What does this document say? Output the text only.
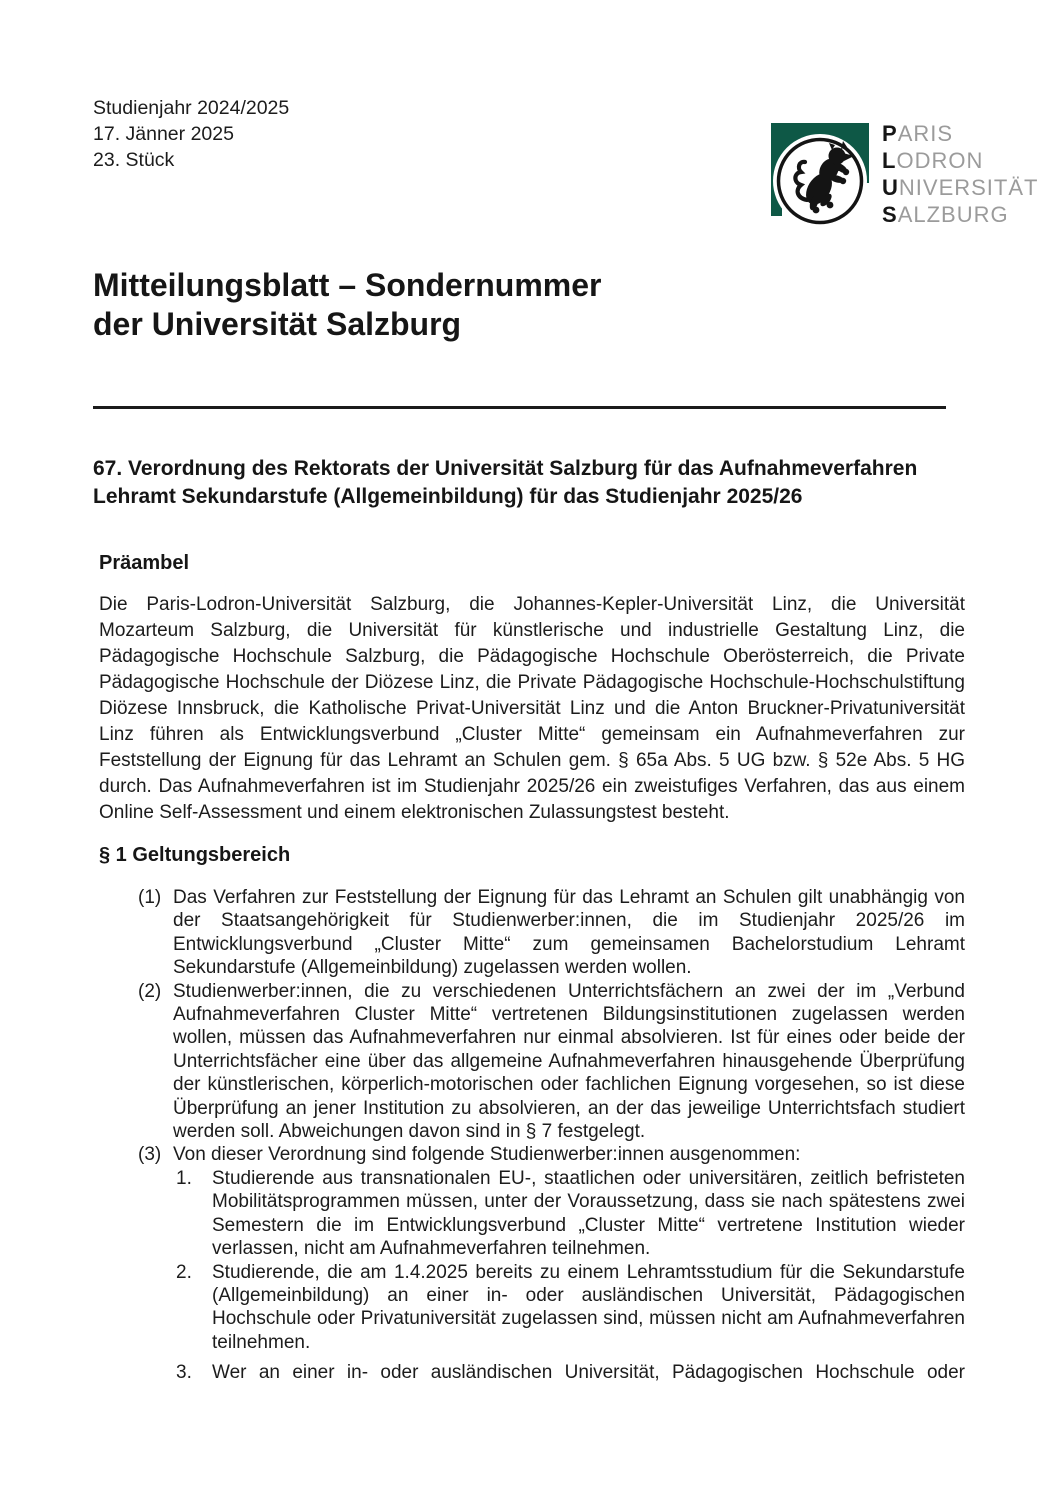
Studienjahr 2024/2025
17. Jänner 2025
23. Stück
PARIS
LODRON
UNIVERSITÄT
SALZBURG
Mitteilungsblatt – Sondernummer
der Universität Salzburg
67. Verordnung des Rektorats der Universität Salzburg für das Aufnahmeverfahren
Lehramt Sekundarstufe (Allgemeinbildung) für das Studienjahr 2025/26
Präambel
Die Paris-Lodron-Universität Salzburg, die Johannes-Kepler-Universität Linz, die Universität Mozarteum Salzburg, die Universität für künstlerische und industrielle Gestaltung Linz, die Pädagogische Hochschule Salzburg, die Pädagogische Hochschule Oberösterreich, die Private Pädagogische Hochschule der Diözese Linz, die Private Pädagogische Hochschule-Hochschulstiftung Diözese Innsbruck, die Katholische Privat-Universität Linz und die Anton Bruckner-Privatuniversität Linz führen als Entwicklungsverbund „Cluster Mitte“ gemeinsam ein Aufnahmeverfahren zur Feststellung der Eignung für das Lehramt an Schulen gem. § 65a Abs. 5 UG bzw. § 52e Abs. 5 HG durch. Das Aufnahmeverfahren ist im Studienjahr 2025/26 ein zweistufiges Verfahren, das aus einem Online Self-Assessment und einem elektronischen Zulassungstest besteht.
§ 1 Geltungsbereich
(1) Das Verfahren zur Feststellung der Eignung für das Lehramt an Schulen gilt unabhängig von der Staatsangehörigkeit für Studienwerber:innen, die im Studienjahr 2025/26 im Entwicklungsverbund „Cluster Mitte“ zum gemeinsamen Bachelorstudium Lehramt Sekundarstufe (Allgemeinbildung) zugelassen werden wollen.
(2) Studienwerber:innen, die zu verschiedenen Unterrichtsfächern an zwei der im „Verbund Aufnahmeverfahren Cluster Mitte“ vertretenen Bildungsinstitutionen zugelassen werden wollen, müssen das Aufnahmeverfahren nur einmal absolvieren. Ist für eines oder beide der Unterrichtsfächer eine über das allgemeine Aufnahmeverfahren hinausgehende Überprüfung der künstlerischen, körperlich-motorischen oder fachlichen Eignung vorgesehen, so ist diese Überprüfung an jener Institution zu absolvieren, an der das jeweilige Unterrichtsfach studiert werden soll. Abweichungen davon sind in § 7 festgelegt.
(3) Von dieser Verordnung sind folgende Studienwerber:innen ausgenommen:
1.	Studierende aus transnationalen EU-, staatlichen oder universitären, zeitlich befristeten Mobilitätsprogrammen müssen, unter der Voraussetzung, dass sie nach spätestens zwei Semestern die im Entwicklungsverbund „Cluster Mitte“ vertretene Institution wieder verlassen, nicht am Aufnahmeverfahren teilnehmen.
2.	Studierende, die am 1.4.2025 bereits zu einem Lehramtsstudium für die Sekundarstufe (Allgemeinbildung) an einer in- oder ausländischen Universität, Pädagogischen Hochschule oder Privatuniversität zugelassen sind, müssen nicht am Aufnahmeverfahren teilnehmen.
3.	Wer an einer in- oder ausländischen Universität, Pädagogischen Hochschule oder
